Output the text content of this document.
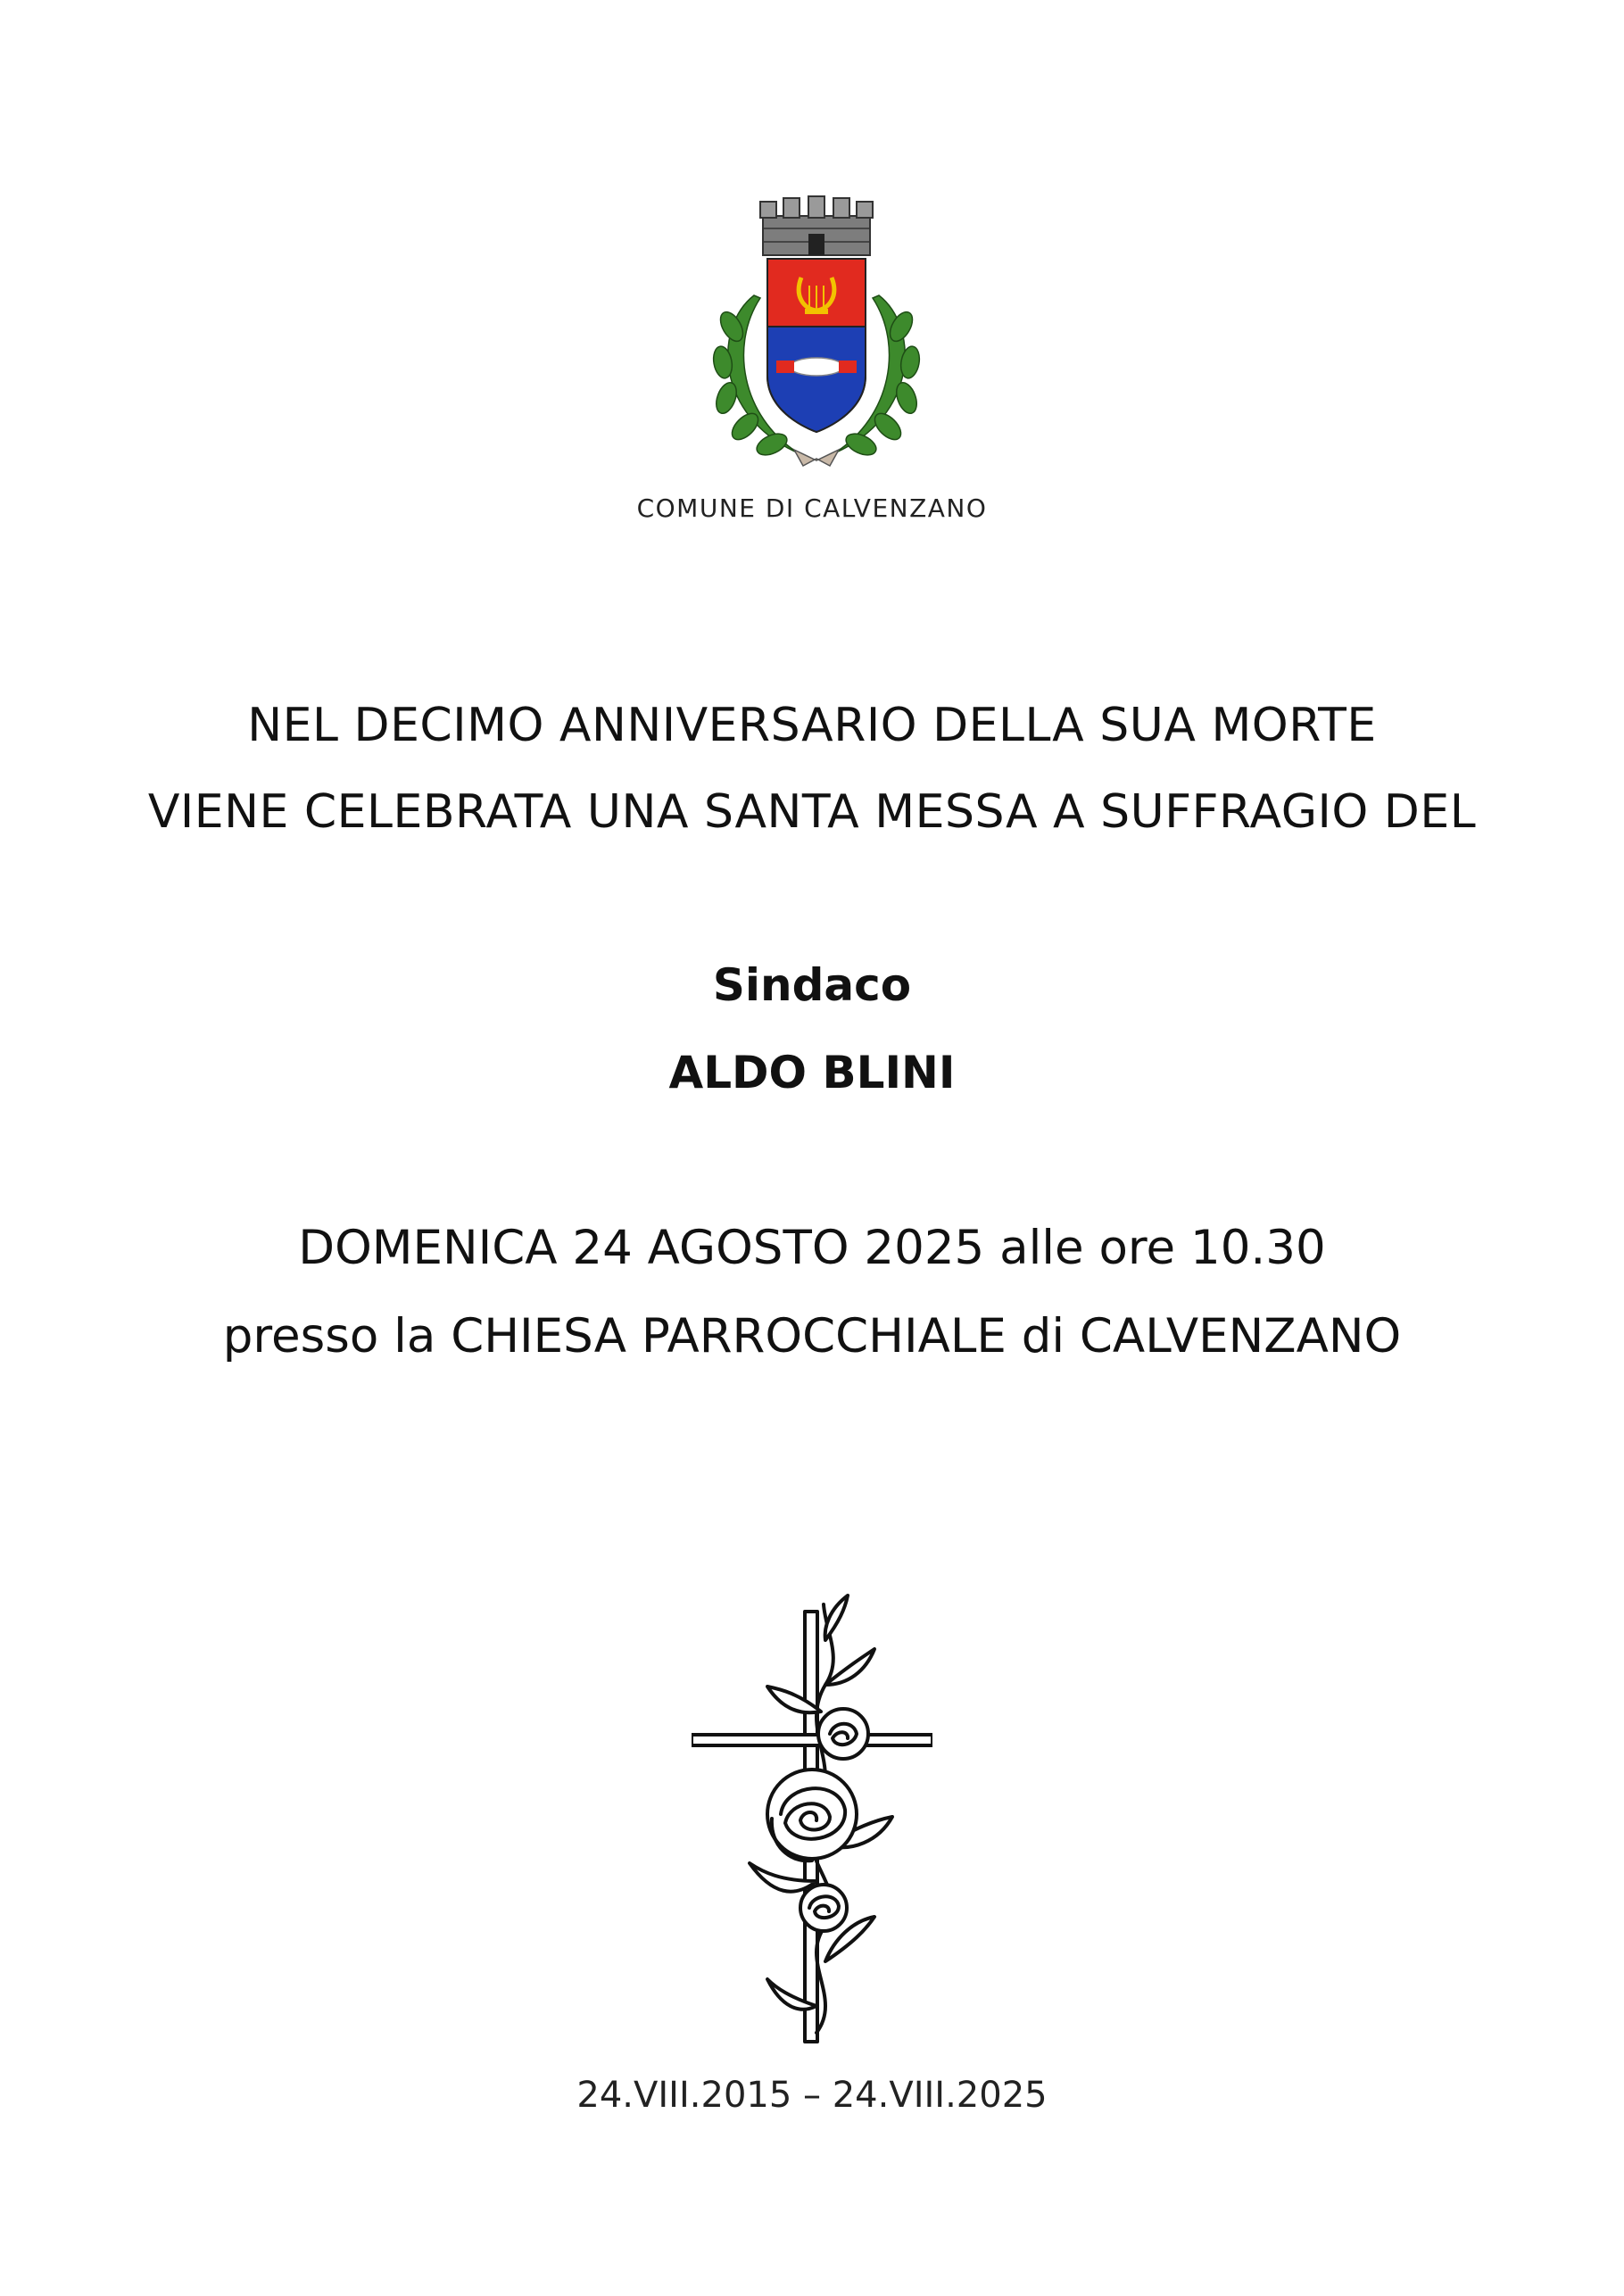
COMUNE DI CALVENZANO
NEL DECIMO ANNIVERSARIO DELLA SUA MORTE
VIENE CELEBRATA UNA SANTA MESSA A SUFFRAGIO DEL
Sindaco
ALDO BLINI
DOMENICA 24 AGOSTO 2025 alle ore 10.30
presso la CHIESA PARROCCHIALE di CALVENZANO
24.VIII.2015 – 24.VIII.2025
